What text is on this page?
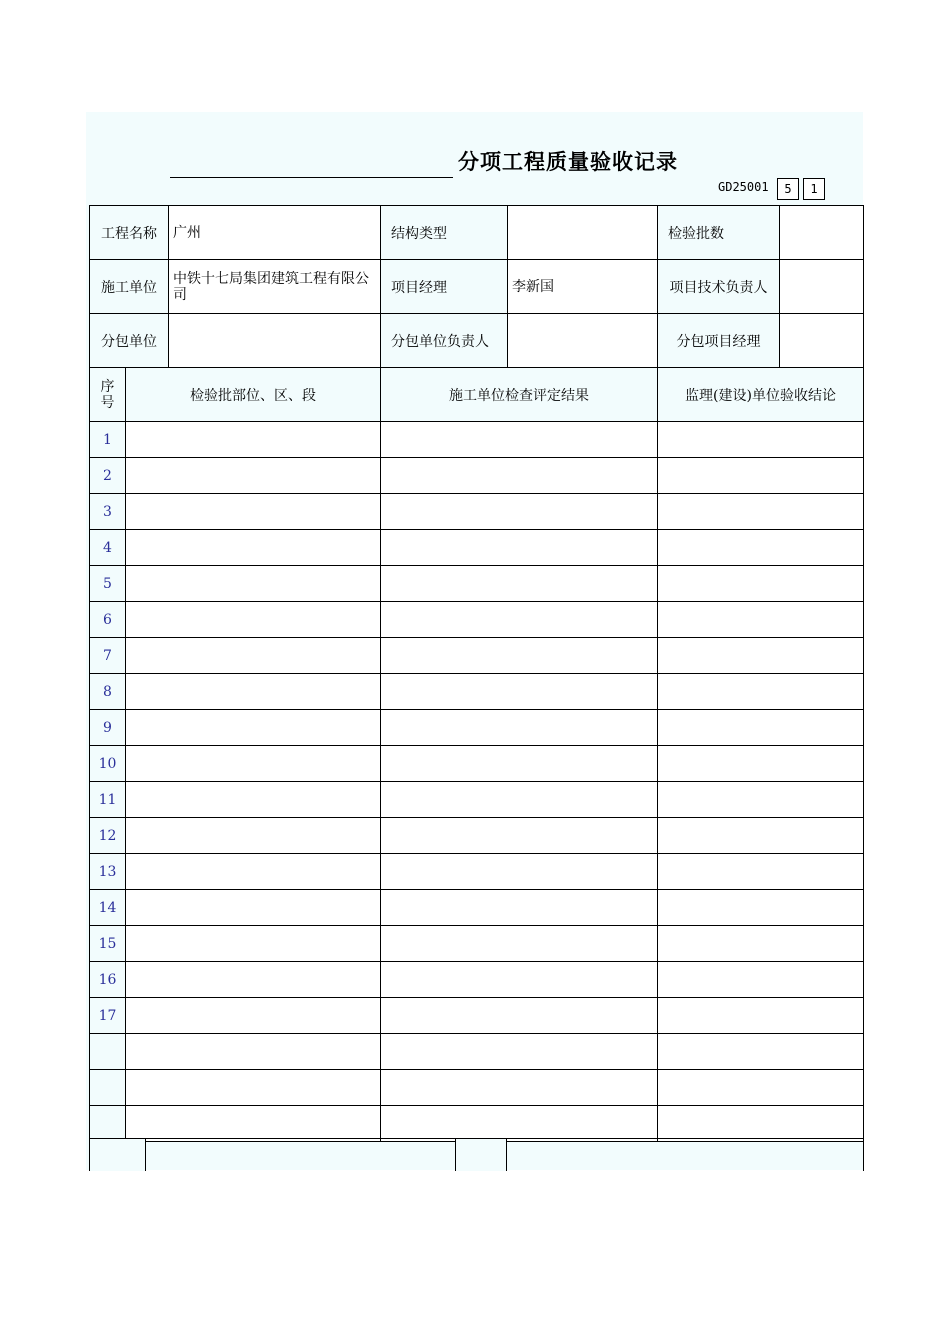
分项工程质量验收记录
GD25001	5	1
工程名称		广州	结构类型		检验批数	
施工单位		中铁十七局集团建筑工程有限公司	项目经理	李新国	项目技术负责人	
分包单位			分包单位负责人		分包项目经理	
序号	检验批部位、区、段		施工单位检查评定结果		监理(建设)单位验收结论	
1						
2						
3						
4						
5						
6						
7						
8						
9						
10						
11						
12						
13						
14						
15						
16						
17						
